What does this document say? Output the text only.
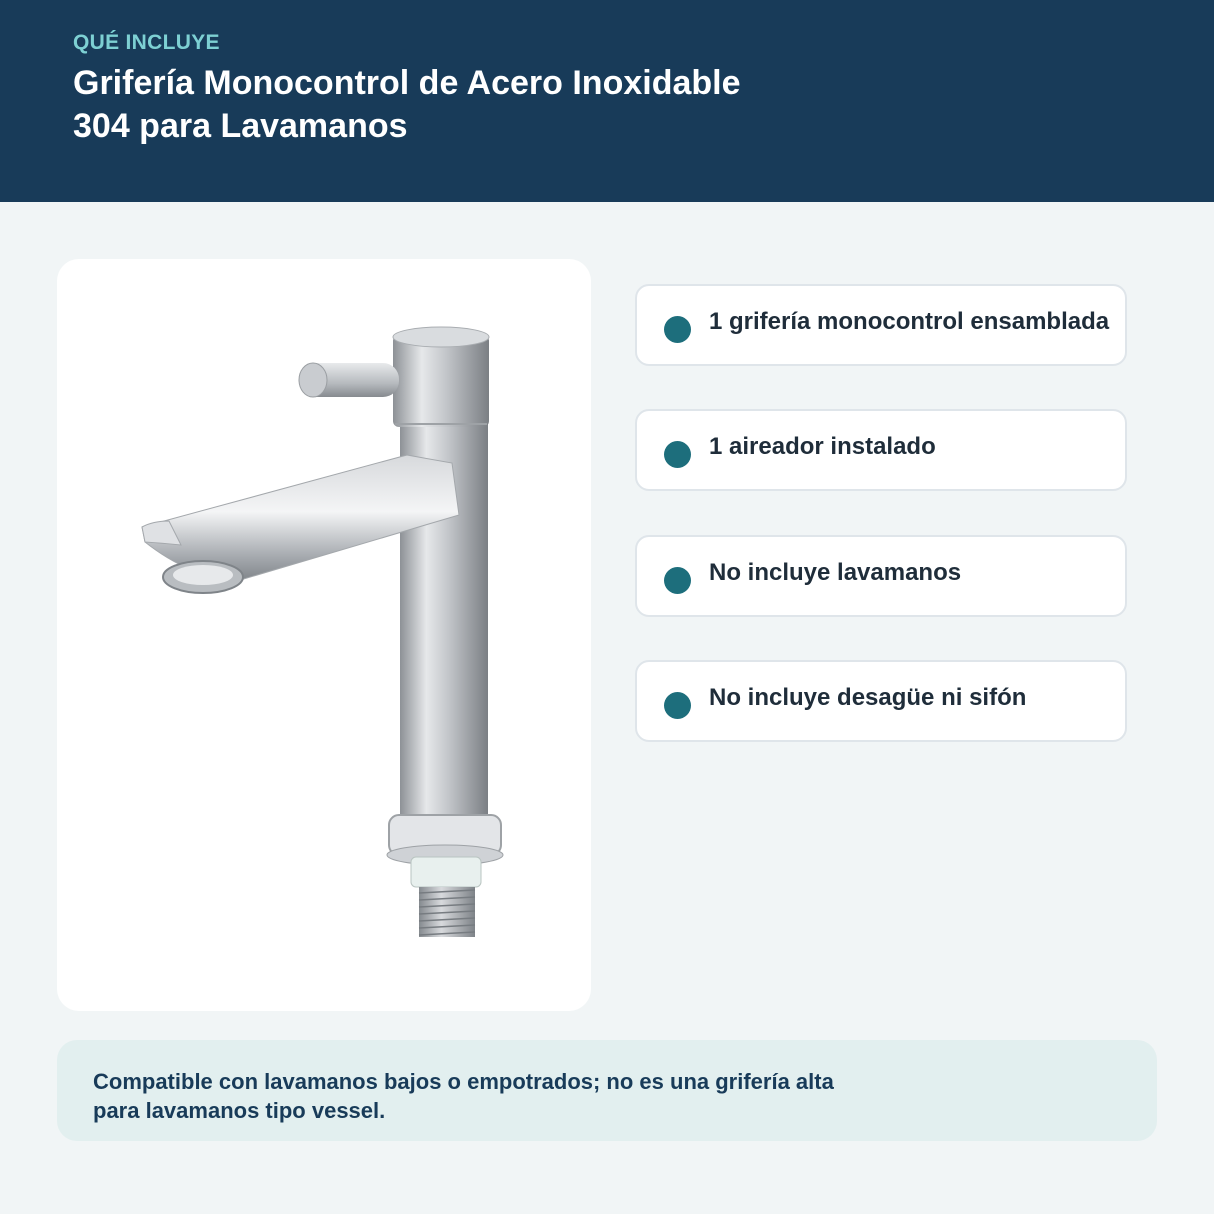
QUÉ INCLUYE
Grifería Monocontrol de Acero Inoxidable
304 para Lavamanos
1 grifería monocontrol ensamblada
1 aireador instalado
No incluye lavamanos
No incluye desagüe ni sifón
Compatible con lavamanos bajos o empotrados; no es una grifería alta para lavamanos tipo vessel.
